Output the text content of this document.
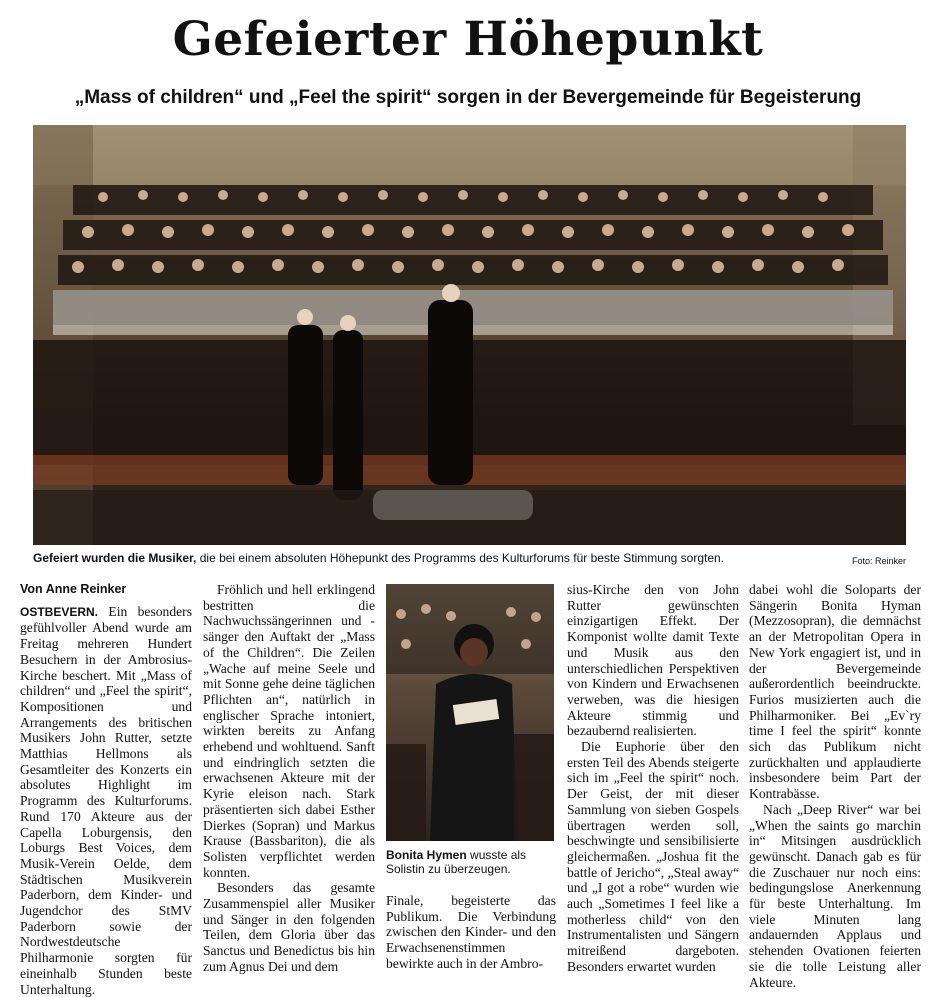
Gefeierter Höhepunkt
„Mass of children“ und „Feel the spirit“ sorgen in der Bevergemeinde für Begeisterung
Gefeiert wurden die Musiker, die bei einem absoluten Höhepunkt des Programms des Kulturforums für beste Stimmung sorgten.	Foto: Reinker
Von Anne Reinker

OSTBEVERN. Ein besonders gefühlvoller Abend wurde am Freitag mehreren Hundert Besuchern in der Ambrosius-Kirche beschert. Mit „Mass of children“ und „Feel the spirit“, Kompositionen und Arrangements des britischen Musikers John Rutter, setzte Matthias Hellmons als Gesamtleiter des Konzerts ein absolutes Highlight im Programm des Kulturforums. Rund 170 Akteure aus der Capella Loburgensis, den Loburgs Best Voices, dem Musik-Verein Oelde, dem Städtischen Musikverein Paderborn, dem Kinder- und Jugendchor des StMV Paderborn sowie der Nordwestdeutsche Philharmonie sorgten für eineinhalb Stunden beste Unterhaltung.

Fröhlich und hell erklingend bestritten die Nachwuchssängerinnen und -sänger den Auftakt der „Mass of the Children“. Die Zeilen „Wache auf meine Seele und mit Sonne gehe deine täglichen Pflichten an“, natürlich in englischer Sprache intoniert, wirkten bereits zu Anfang erhebend und wohltuend. Sanft und eindringlich setzten die erwachsenen Akteure mit der Kyrie eleison nach. Stark präsentierten sich dabei Esther Dierkes (Sopran) und Markus Krause (Bassbariton), die als Solisten verpflichtet werden konnten.

Besonders das gesamte Zusammenspiel aller Musiker und Sänger in den folgenden Teilen, dem Gloria über das Sanctus und Benedictus bis hin zum Agnus Dei und dem

Bonita Hymen wusste als Solistin zu überzeugen.

Finale, begeisterte das Publikum. Die Verbindung zwischen den Kinder- und den Erwachsenenstimmen bewirkte auch in der Ambro-

sius-Kirche den von John Rutter gewünschten einzigartigen Effekt. Der Komponist wollte damit Texte und Musik aus den unterschiedlichen Perspektiven von Kindern und Erwachsenen verweben, was die hiesigen Akteure stimmig und bezaubernd realisierten.

Die Euphorie über den ersten Teil des Abends steigerte sich im „Feel the spirit“ noch. Der Geist, der mit dieser Sammlung von sieben Gospels übertragen werden soll, beschwingte und sensibilisierte gleichermaßen. „Joshua fit the battle of Jericho“, „Steal away“ und „I got a robe“ wurden wie auch „Sometimes I feel like a motherless child“ von den Instrumentalisten und Sängern mitreißend dargeboten. Besonders erwartet wurden

dabei wohl die Soloparts der Sängerin Bonita Hyman (Mezzosopran), die demnächst an der Metropolitan Opera in New York engagiert ist, und in der Bevergemeinde außerordentlich beeindruckte. Furios musizierten auch die Philharmoniker. Bei „Ev`ry time I feel the spirit“ konnte sich das Publikum nicht zurückhalten und applaudierte insbesondere beim Part der Kontrabässe.

Nach „Deep River“ war bei „When the saints go marchin in“ Mitsingen ausdrücklich gewünscht. Danach gab es für die Zuschauer nur noch eins: bedingungslose Anerkennung für beste Unterhaltung. Im viele Minuten lang andauernden Applaus und stehenden Ovationen feierten sie die tolle Leistung aller Akteure.
